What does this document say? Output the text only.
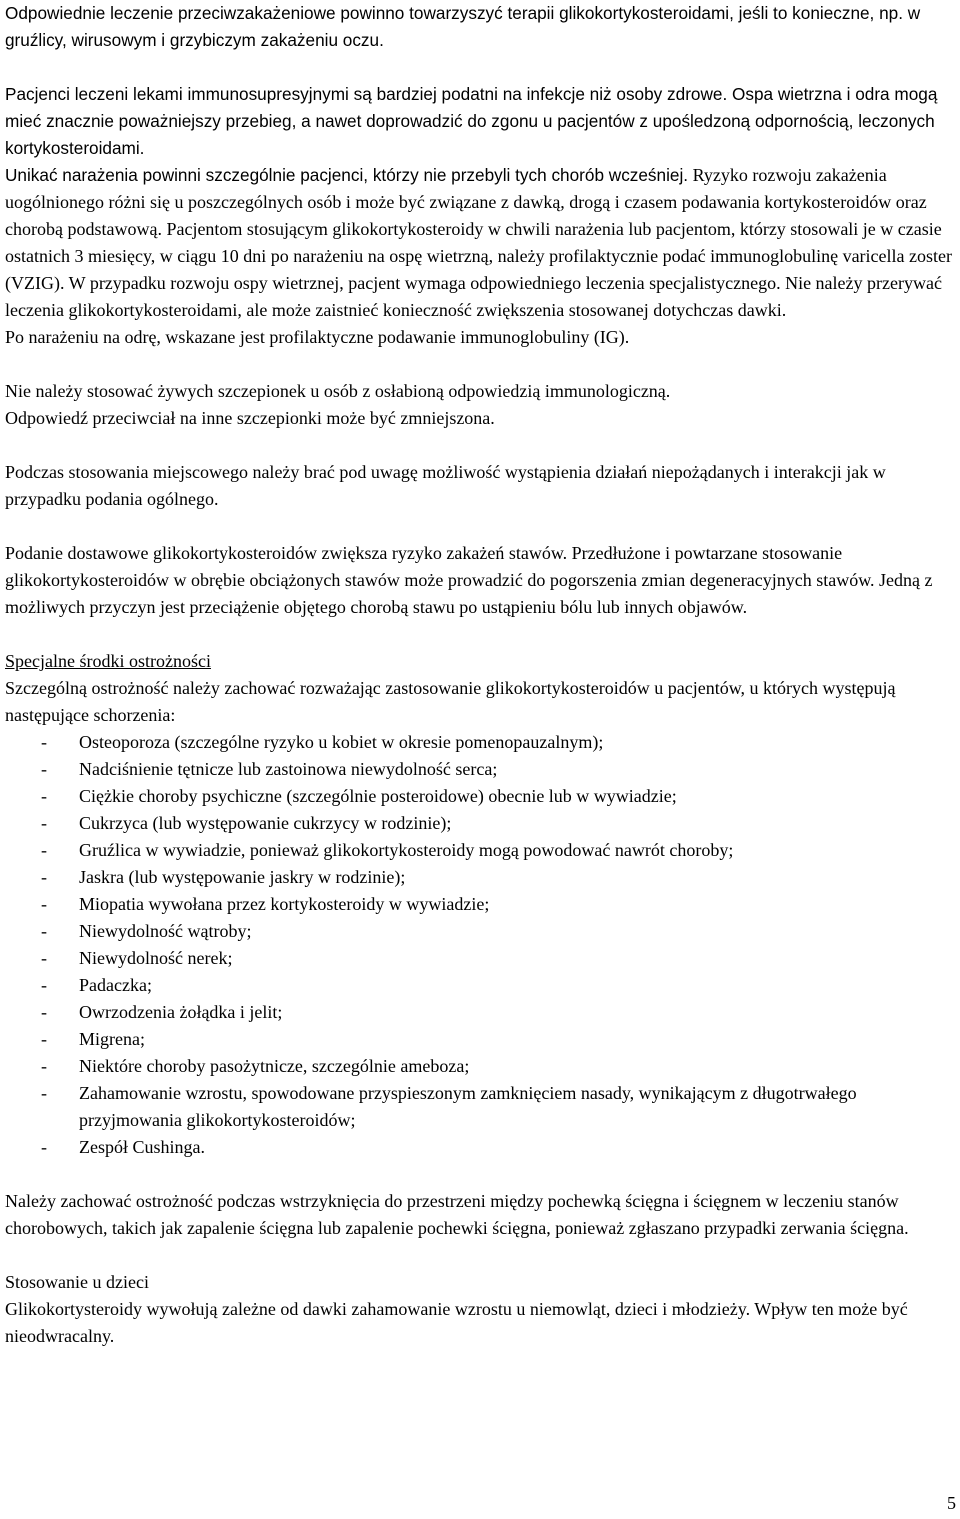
Odpowiednie leczenie przeciwzakażeniowe powinno towarzyszyć terapii glikokortykosteroidami, jeśli to konieczne, np. w gruźlicy, wirusowym i grzybiczym zakażeniu oczu.

Pacjenci leczeni lekami immunosupresyjnymi są bardziej podatni na infekcje niż osoby zdrowe. Ospa wietrzna i odra mogą mieć znacznie poważniejszy przebieg, a nawet doprowadzić do zgonu u pacjentów z upośledzoną odpornością, leczonych kortykosteroidami.

Unikać narażenia powinni szczególnie pacjenci, którzy nie przebyli tych chorób wcześniej. Ryzyko rozwoju zakażenia uogólnionego różni się u poszczególnych osób i może być związane z dawką, drogą i czasem podawania kortykosteroidów oraz chorobą podstawową. Pacjentom stosującym glikokortykosteroidy w chwili narażenia lub pacjentom, którzy stosowali je w czasie ostatnich 3 miesięcy, w ciągu 10 dni po narażeniu na ospę wietrzną, należy profilaktycznie podać immunoglobulinę varicella zoster (VZIG). W przypadku rozwoju ospy wietrznej, pacjent wymaga odpowiedniego leczenia specjalistycznego. Nie należy przerywać leczenia glikokortykosteroidami, ale może zaistnieć konieczność zwiększenia stosowanej dotychczas dawki.

Po narażeniu na odrę, wskazane jest profilaktyczne podawanie immunoglobuliny (IG).

Nie należy stosować żywych szczepionek u osób z osłabioną odpowiedzią immunologiczną.

Odpowiedź przeciwciał na inne szczepionki może być zmniejszona.

Podczas stosowania miejscowego należy brać pod uwagę możliwość wystąpienia działań niepożądanych i interakcji jak w przypadku podania ogólnego.

Podanie dostawowe glikokortykosteroidów zwiększa ryzyko zakażeń stawów. Przedłużone i powtarzane stosowanie glikokortykosteroidów w obrębie obciążonych stawów może prowadzić do pogorszenia zmian degeneracyjnych stawów. Jedną z możliwych przyczyn jest przeciążenie objętego chorobą stawu po ustąpieniu bólu lub innych objawów.

Specjalne środki ostrożności

Szczególną ostrożność należy zachować rozważając zastosowanie glikokortykosteroidów u pacjentów, u których występują następujące schorzenia:

- Osteoporoza (szczególne ryzyko u kobiet w okresie pomenopauzalnym);
- Nadciśnienie tętnicze lub zastoinowa niewydolność serca;
- Ciężkie choroby psychiczne (szczególnie posteroidowe) obecnie lub w wywiadzie;
- Cukrzyca (lub występowanie cukrzycy w rodzinie);
- Gruźlica w wywiadzie, ponieważ glikokortykosteroidy mogą powodować nawrót choroby;
- Jaskra (lub występowanie jaskry w rodzinie);
- Miopatia wywołana przez kortykosteroidy w wywiadzie;
- Niewydolność wątroby;
- Niewydolność nerek;
- Padaczka;
- Owrzodzenia żołądka i jelit;
- Migrena;
- Niektóre choroby pasożytnicze, szczególnie ameboza;
- Zahamowanie wzrostu, spowodowane przyspieszonym zamknięciem nasady, wynikającym z długotrwałego przyjmowania glikokortykosteroidów;
- Zespół Cushinga.

Należy zachować ostrożność podczas wstrzyknięcia do przestrzeni między pochewką ścięgna i ścięgnem w leczeniu stanów chorobowych, takich jak zapalenie ścięgna lub zapalenie pochewki ścięgna, ponieważ zgłaszano przypadki zerwania ścięgna.

Stosowanie u dzieci

Glikokortysteroidy wywołują zależne od dawki zahamowanie wzrostu u niemowląt, dzieci i młodzieży. Wpływ ten może być nieodwracalny.

5
